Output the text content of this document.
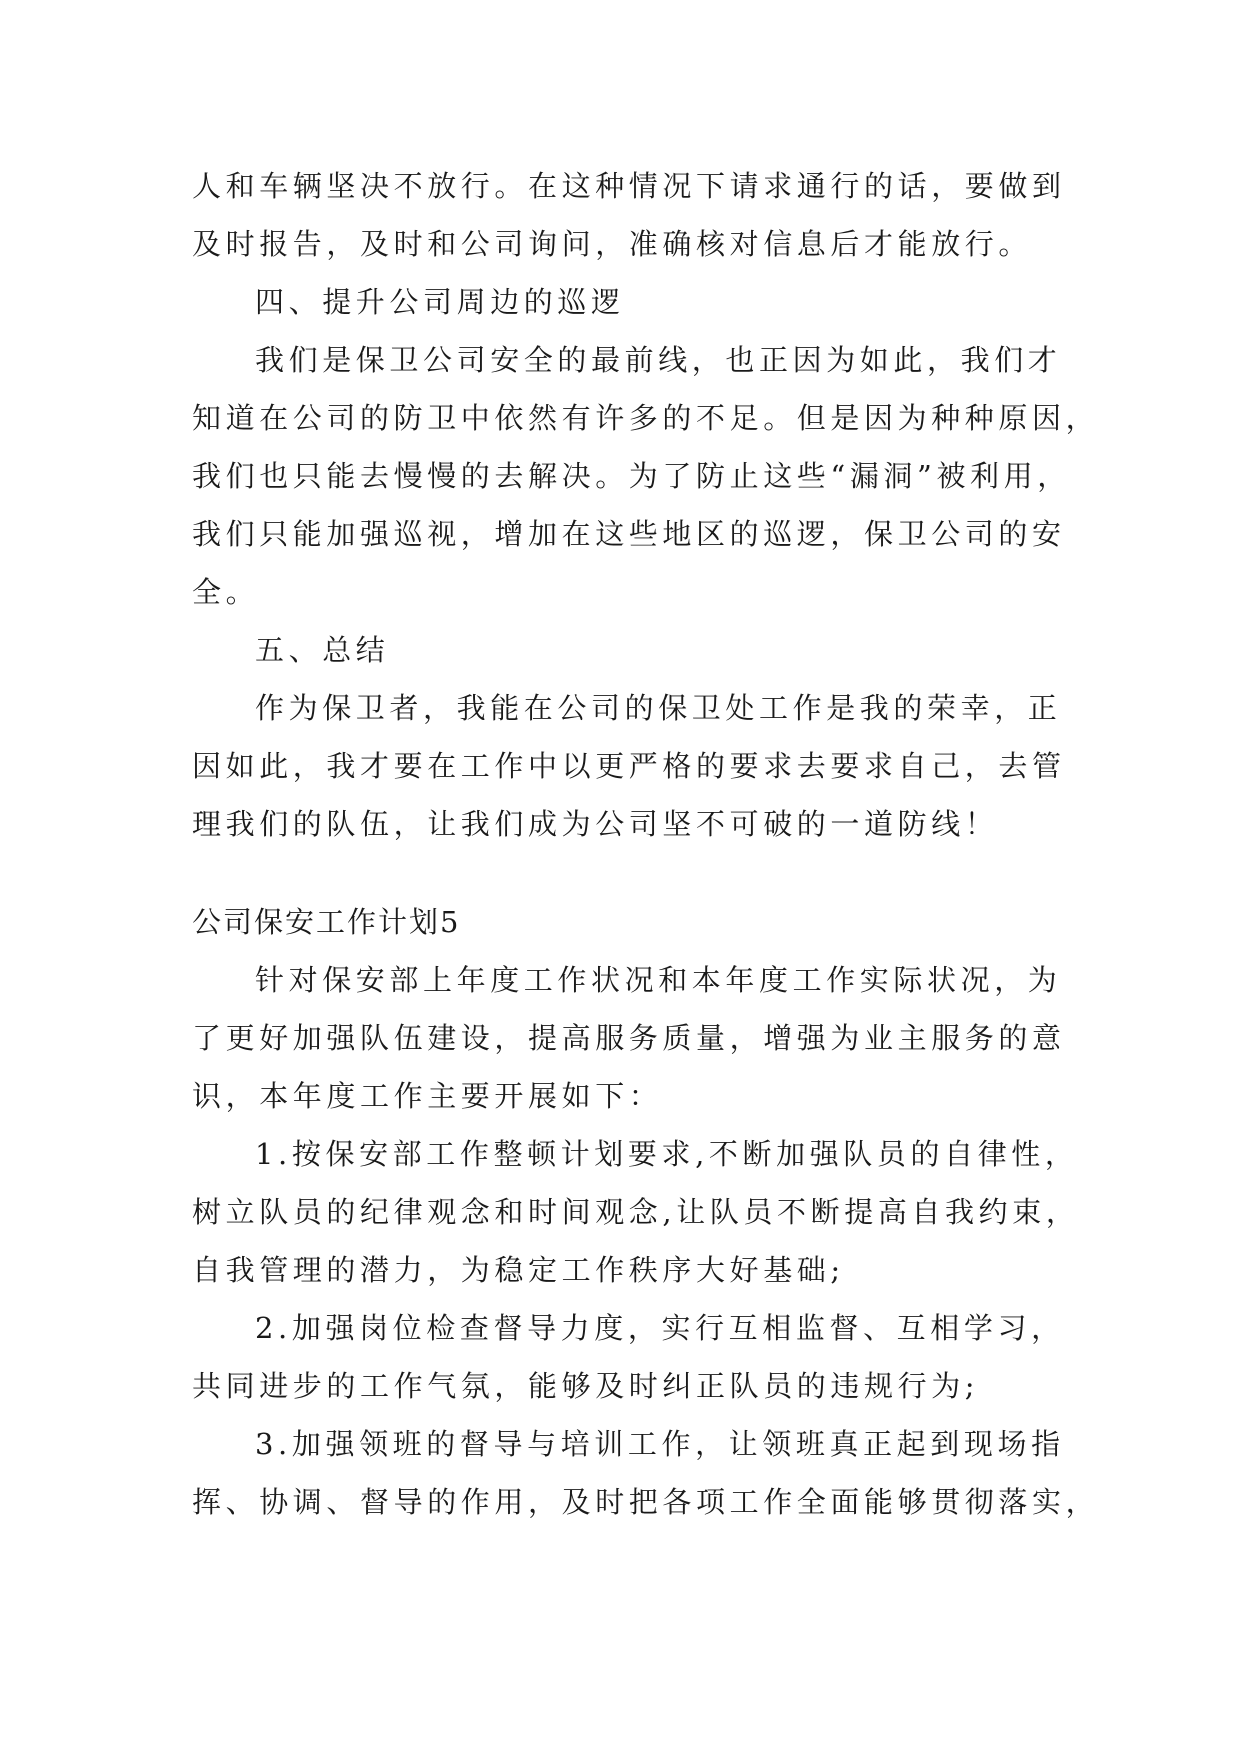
人和车辆坚决不放行。在这种情况下请求通行的话，要做到
及时报告，及时和公司询问，准确核对信息后才能放行。
四、提升公司周边的巡逻
我们是保卫公司安全的最前线，也正因为如此，我们才
知道在公司的防卫中依然有许多的不足。但是因为种种原因，
我们也只能去慢慢的去解决。为了防止这些“漏洞”被利用，
我们只能加强巡视，增加在这些地区的巡逻，保卫公司的安
全。
五、总结
作为保卫者，我能在公司的保卫处工作是我的荣幸，正
因如此，我才要在工作中以更严格的要求去要求自己，去管
理我们的队伍，让我们成为公司坚不可破的一道防线！
公司保安工作计划5
针对保安部上年度工作状况和本年度工作实际状况，为
了更好加强队伍建设，提高服务质量，增强为业主服务的意
识，本年度工作主要开展如下：
1.按保安部工作整顿计划要求,不断加强队员的自律性，
树立队员的纪律观念和时间观念,让队员不断提高自我约束，
自我管理的潜力，为稳定工作秩序大好基础;
2.加强岗位检查督导力度，实行互相监督、互相学习，
共同进步的工作气氛，能够及时纠正队员的违规行为;
3.加强领班的督导与培训工作，让领班真正起到现场指
挥、协调、督导的作用，及时把各项工作全面能够贯彻落实，
